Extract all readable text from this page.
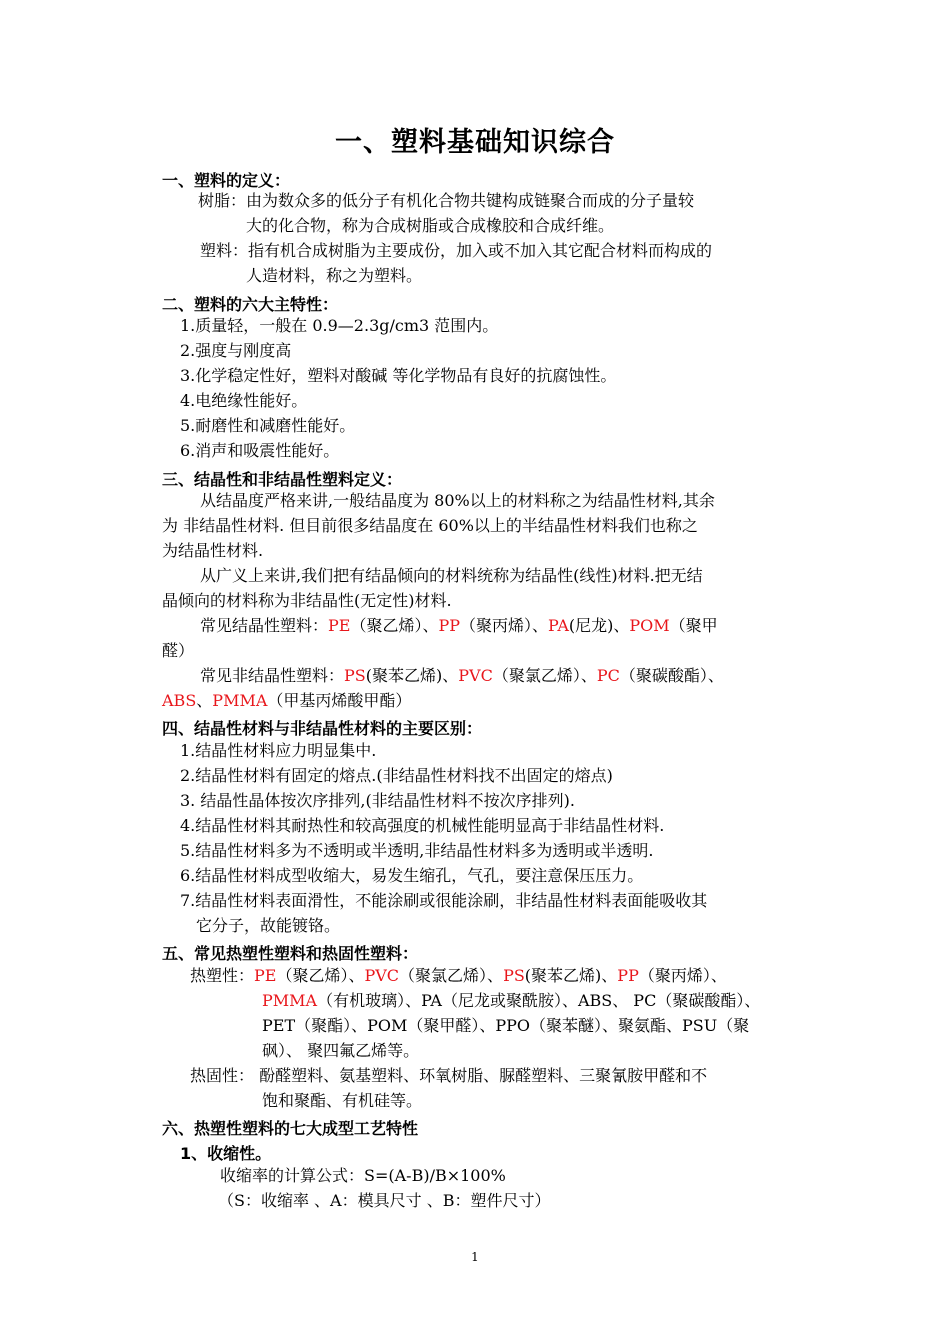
一、塑料基础知识综合
一、塑料的定义：
树脂：由为数众多的低分子有机化合物共键构成链聚合而成的分子量较
大的化合物，称为合成树脂或合成橡胶和合成纤维。
塑料：指有机合成树脂为主要成份，加入或不加入其它配合材料而构成的
人造材料，称之为塑料。
二、塑料的六大主特性：
1.质量轻，一般在 0.9—2.3g/cm3 范围内。
2.强度与刚度高
3.化学稳定性好，塑料对酸碱 等化学物品有良好的抗腐蚀性。
4.电绝缘性能好。
5.耐磨性和减磨性能好。
6.消声和吸震性能好。
三、结晶性和非结晶性塑料定义：
从结晶度严格来讲,一般结晶度为 80%以上的材料称之为结晶性材料,其余
为 非结晶性材料. 但目前很多结晶度在 60%以上的半结晶性材料我们也称之
为结晶性材料.
从广义上来讲,我们把有结晶倾向的材料统称为结晶性(线性)材料.把无结
晶倾向的材料称为非结晶性(无定性)材料.
常见结晶性塑料：PE（聚乙烯）、PP（聚丙烯）、PA(尼龙)、POM（聚甲
醛）
常见非结晶性塑料：PS(聚苯乙烯)、PVC（聚氯乙烯）、PC（聚碳酸酯）、
ABS、PMMA（甲基丙烯酸甲酯）
四、结晶性材料与非结晶性材料的主要区别：
1.结晶性材料应力明显集中.
2.结晶性材料有固定的熔点.(非结晶性材料找不出固定的熔点)
3. 结晶性晶体按次序排列,(非结晶性材料不按次序排列).
4.结晶性材料其耐热性和较高强度的机械性能明显高于非结晶性材料.
5.结晶性材料多为不透明或半透明,非结晶性材料多为透明或半透明.
6.结晶性材料成型收缩大，易发生缩孔，气孔，要注意保压压力。
7.结晶性材料表面滑性，不能涂刷或很能涂刷，非结晶性材料表面能吸收其
它分子，故能镀铬。
五、常见热塑性塑料和热固性塑料：
热塑性：PE（聚乙烯）、PVC（聚氯乙烯）、PS(聚苯乙烯)、PP（聚丙烯）、
PMMA（有机玻璃）、PA（尼龙或聚酰胺）、ABS、 PC（聚碳酸酯）、
PET（聚酯）、POM（聚甲醛）、PPO（聚苯醚）、聚氨酯、PSU（聚
砜）、 聚四氟乙烯等。
热固性： 酚醛塑料、氨基塑料、环氧树脂、脲醛塑料、三聚氰胺甲醛和不
饱和聚酯、有机硅等。
六、热塑性塑料的七大成型工艺特性
1、收缩性。
收缩率的计算公式：S=(A-B)/B×100%
（S：收缩率 、A：模具尺寸 、B：塑件尺寸）
1
